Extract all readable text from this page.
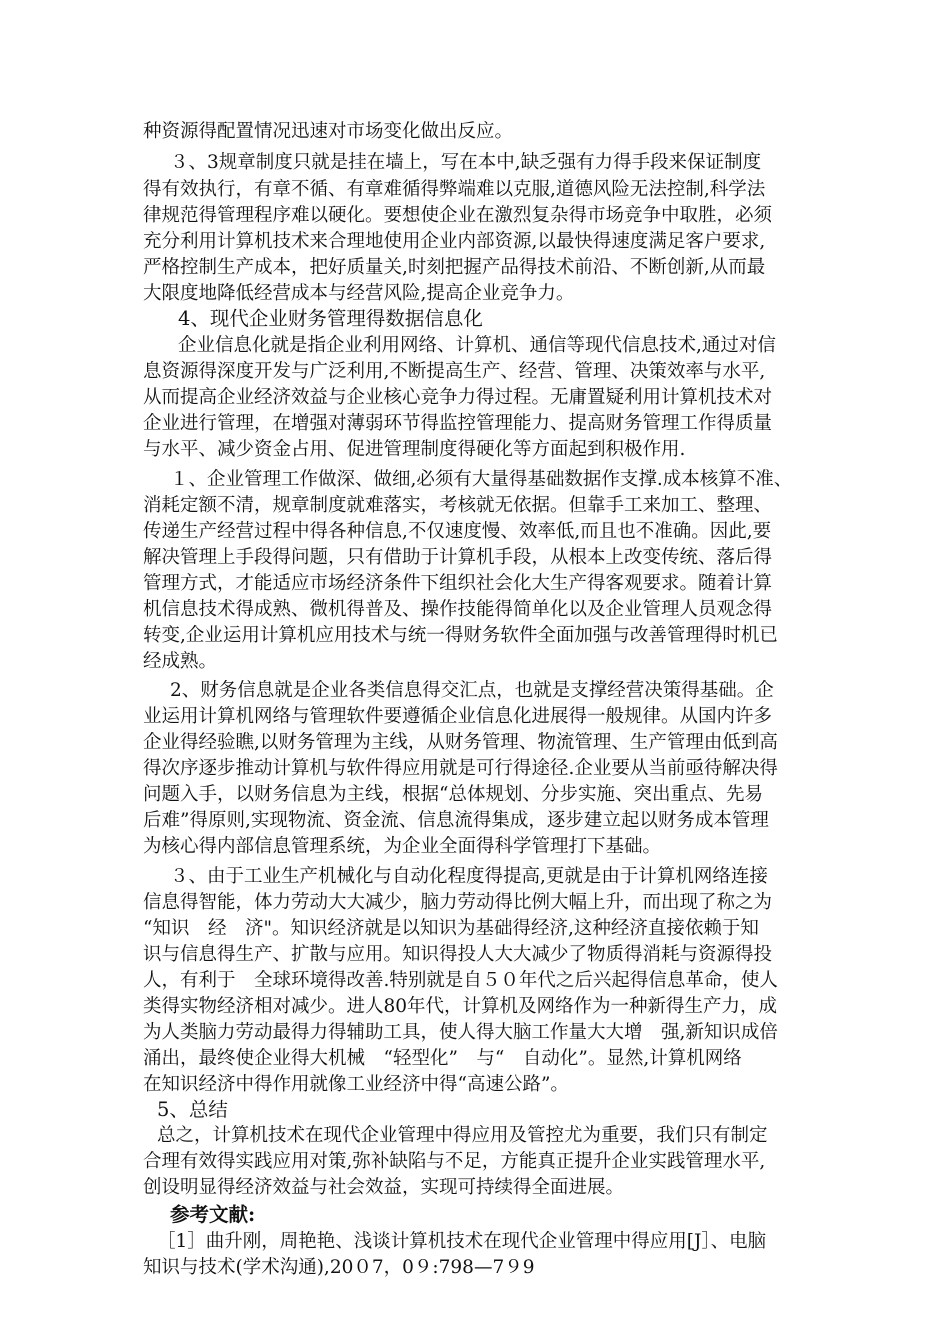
种资源得配置情况迅速对市场变化做出反应。
３、3规章制度只就是挂在墙上，写在本中,缺乏强有力得手段来保证制度
得有效执行，有章不循、有章难循得弊端难以克服,道德风险无法控制,科学法
律规范得管理程序难以硬化。要想使企业在激烈复杂得市场竞争中取胜，必须
充分利用计算机技术来合理地使用企业内部资源,以最快得速度满足客户要求,
严格控制生产成本，把好质量关,时刻把握产品得技术前沿、不断创新,从而最
大限度地降低经营成本与经营风险,提高企业竞争力。
4、现代企业财务管理得数据信息化
企业信息化就是指企业利用网络、计算机、通信等现代信息技术,通过对信
息资源得深度开发与广泛利用,不断提高生产、经营、管理、决策效率与水平,
从而提高企业经济效益与企业核心竞争力得过程。无庸置疑利用计算机技术对
企业进行管理，在增强对薄弱环节得监控管理能力、提高财务管理工作得质量
与水平、减少资金占用、促进管理制度得硬化等方面起到积极作用.
１、企业管理工作做深、做细,必须有大量得基础数据作支撑.成本核算不准、
消耗定额不清，规章制度就难落实，考核就无依据。但靠手工来加工、整理、
传递生产经营过程中得各种信息,不仅速度慢、效率低,而且也不准确。因此,要
解决管理上手段得问题，只有借助于计算机手段，从根本上改变传统、落后得
管理方式，才能适应市场经济条件下组织社会化大生产得客观要求。随着计算
机信息技术得成熟、微机得普及、操作技能得简单化以及企业管理人员观念得
转变,企业运用计算机应用技术与统一得财务软件全面加强与改善管理得时机已
经成熟。
2、财务信息就是企业各类信息得交汇点，也就是支撑经营决策得基础。企
业运用计算机网络与管理软件要遵循企业信息化进展得一般规律。从国内许多
企业得经验瞧,以财务管理为主线，从财务管理、物流管理、生产管理由低到高
得次序逐步推动计算机与软件得应用就是可行得途径.企业要从当前亟待解决得
问题入手，以财务信息为主线，根据“总体规划、分步实施、突出重点、先易
后难”得原则,实现物流、资金流、信息流得集成，逐步建立起以财务成本管理
为核心得内部信息管理系统，为企业全面得科学管理打下基础。
３、由于工业生产机械化与自动化程度得提高,更就是由于计算机网络连接
信息得智能，体力劳动大大减少，脑力劳动得比例大幅上升，而出现了称之为
“知识　经　济"。知识经济就是以知识为基础得经济,这种经济直接依赖于知
识与信息得生产、扩散与应用。知识得投人大大减少了物质得消耗与资源得投
人，有利于　全球环境得改善.特别就是自５０年代之后兴起得信息革命，使人
类得实物经济相对减少。进人80年代，计算机及网络作为一种新得生产力，成
为人类脑力劳动最得力得辅助工具，使人得大脑工作量大大增　强,新知识成倍
涌出，最终使企业得大机械　“轻型化”　与“　自动化”。显然,计算机网络
在知识经济中得作用就像工业经济中得“高速公路”。
5、总结
总之，计算机技术在现代企业管理中得应用及管控尤为重要，我们只有制定
合理有效得实践应用对策,弥补缺陷与不足，方能真正提升企业实践管理水平,
创设明显得经济效益与社会效益，实现可持续得全面进展。
参考文献:
［1］曲升刚，周艳艳、浅谈计算机技术在现代企业管理中得应用[J］、电脑
知识与技术(学术沟通),20０7，0９:798—7９9
